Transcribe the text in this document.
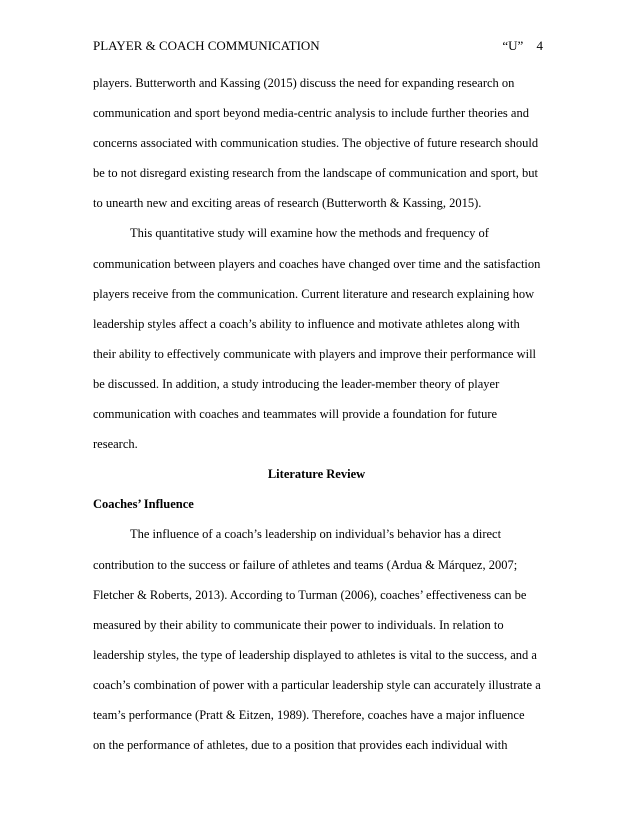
PLAYER & COACH COMMUNICATION	“U” 4
players. Butterworth and Kassing (2015) discuss the need for expanding research on
communication and sport beyond media-centric analysis to include further theories and
concerns associated with communication studies. The objective of future research should
be to not disregard existing research from the landscape of communication and sport, but
to unearth new and exciting areas of research (Butterworth & Kassing, 2015).
This quantitative study will examine how the methods and frequency of
communication between players and coaches have changed over time and the satisfaction
players receive from the communication. Current literature and research explaining how
leadership styles affect a coach’s ability to influence and motivate athletes along with
their ability to effectively communicate with players and improve their performance will
be discussed. In addition, a study introducing the leader-member theory of player
communication with coaches and teammates will provide a foundation for future
research.
Literature Review
Coaches’ Influence
The influence of a coach’s leadership on individual’s behavior has a direct
contribution to the success or failure of athletes and teams (Ardua & Márquez, 2007;
Fletcher & Roberts, 2013). According to Turman (2006), coaches’ effectiveness can be
measured by their ability to communicate their power to individuals. In relation to
leadership styles, the type of leadership displayed to athletes is vital to the success, and a
coach’s combination of power with a particular leadership style can accurately illustrate a
team’s performance (Pratt & Eitzen, 1989). Therefore, coaches have a major influence
on the performance of athletes, due to a position that provides each individual with
